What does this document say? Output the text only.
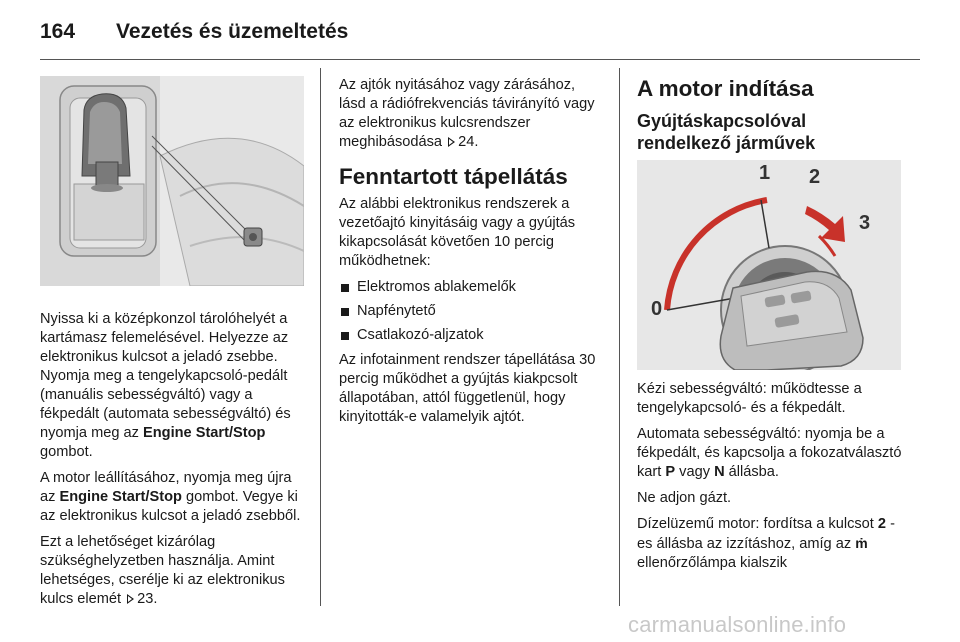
164 Vezetés és üzemeltetés

Nyissa ki a középkonzol tárolóhelyét a kartámasz felemelésével. Helyezze az elektronikus kulcsot a jeladó zsebbe. Nyomja meg a tengelykapcsoló-pedált (manuális sebességváltó) vagy a fékpedált (automata sebességváltó) és nyomja meg az Engine Start/Stop gombot.

A motor leállításához, nyomja meg újra az Engine Start/Stop gombot. Vegye ki az elektronikus kulcsot a jeladó zsebből.

Ezt a lehetőséget kizárólag szükséghelyzetben használja. Amint lehetséges, cserélje ki az elektronikus kulcs elemét 23.

Az ajtók nyitásához vagy zárásához, lásd a rádiófrekvenciás távirányító vagy az elektronikus kulcsrendszer meghibásodása 24.

Fenntartott tápellátás

Az alábbi elektronikus rendszerek a vezetőajtó kinyitásáig vagy a gyújtás kikapcsolását követően 10 percig működhetnek:

Elektromos ablakemelők
Napfénytető
Csatlakozó-aljzatok

Az infotainment rendszer tápellátása 30 percig működhet a gyújtás kiakpcsolt állapotában, attól függetlenül, hogy kinyitották-e valamelyik ajtót.

A motor indítása
Gyújtáskapcsolóval rendelkező járművek
0
1 2
3

Kézi sebességváltó: működtesse a tengelykapcsoló- és a fékpedált.

Automata sebességváltó: nyomja be a fékpedált, és kapcsolja a fokozatválasztó kart P vagy N állásba.

Ne adjon gázt.

Dízelüzemű motor: fordítsa a kulcsot 2 - es állásba az izzításhoz, amíg az ṁ ellenőrzőlámpa kialszik

carmanualsonline.info
